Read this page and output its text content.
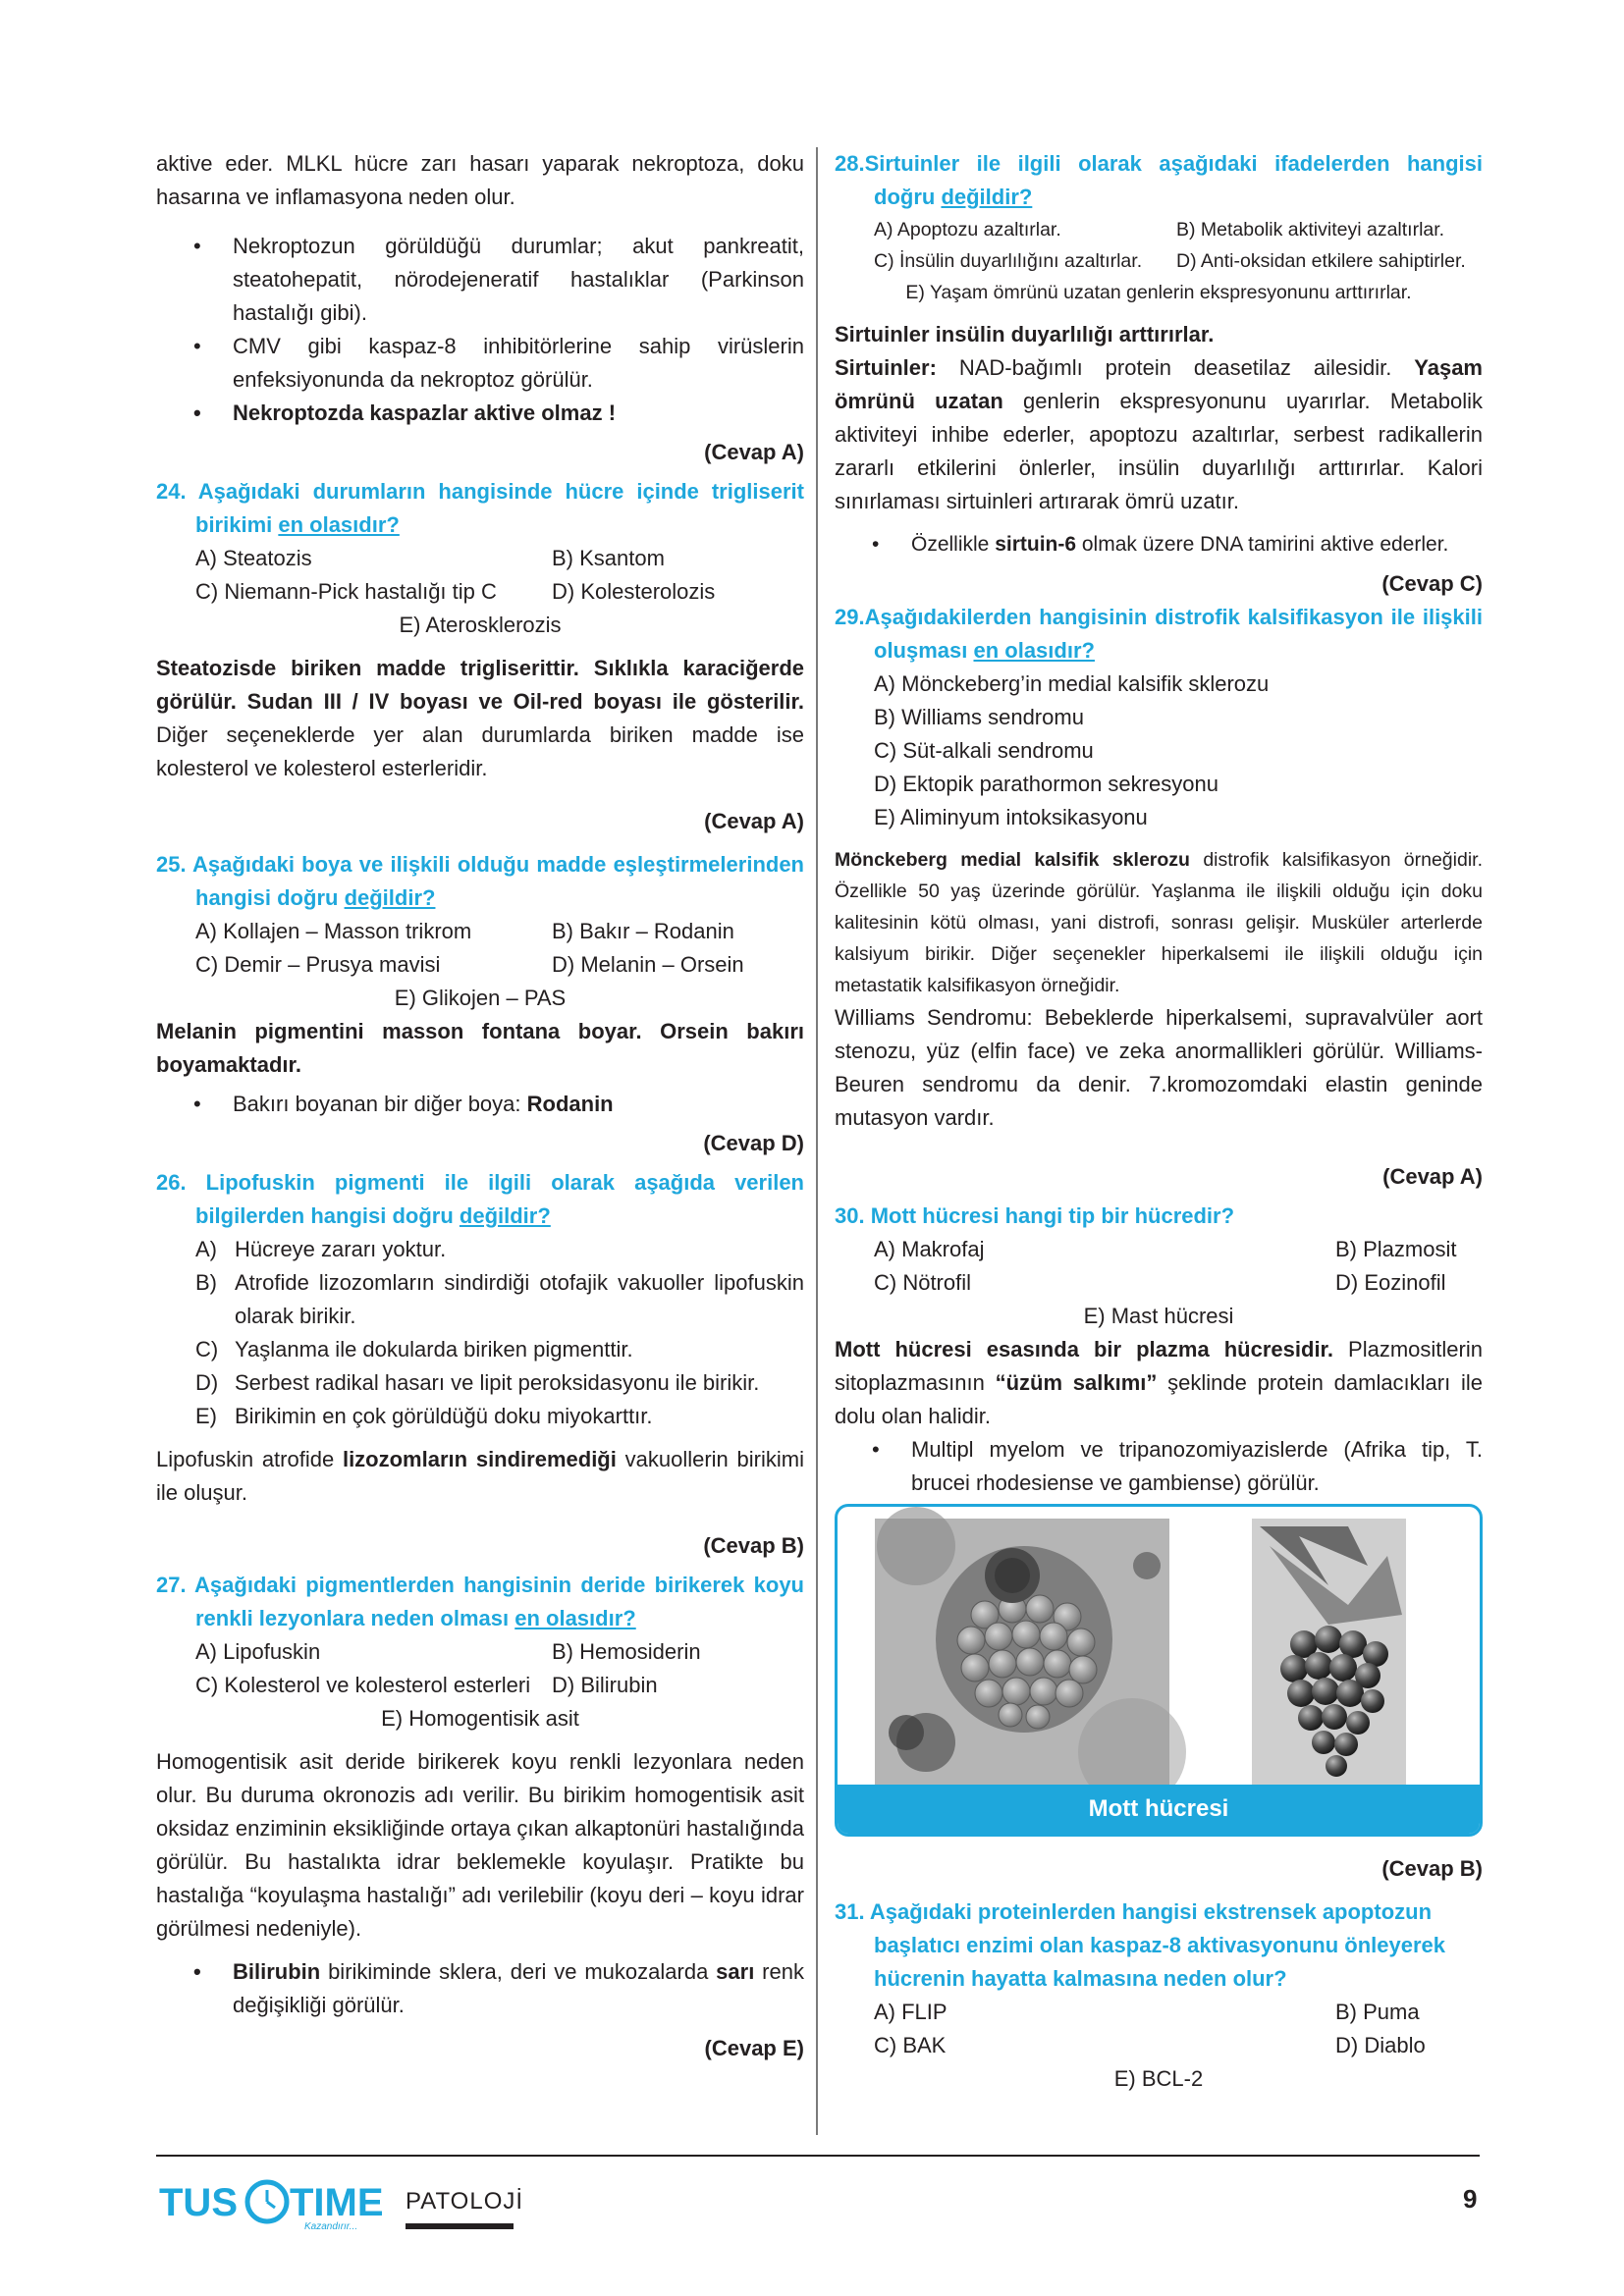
aktive eder. MLKL hücre zarı hasarı yaparak nekroptoza, doku hasarına ve inflamasyona neden olur.

• Nekroptozun görüldüğü durumlar; akut pankreatit, steatohepatit, nörodejeneratif hastalıklar (Parkinson hastalığı gibi).
• CMV gibi kaspaz-8 inhibitörlerine sahip virüslerin enfeksiyonunda da nekroptoz görülür.
• Nekroptozda kaspazlar aktive olmaz !

(Cevap A)

24. Aşağıdaki durumların hangisinde hücre içinde trigliserit birikimi en olasıdır?

A) Steatozis	B) Ksantom
C) Niemann-Pick hastalığı tip C	D) Kolesterolozis

E) Aterosklerozis

Steatozisde biriken madde trigliserittir. Sıklıkla karaciğerde görülür. Sudan III / IV boyası ve Oil-red boyası ile gösterilir. Diğer seçeneklerde yer alan durumlarda biriken madde ise kolesterol ve kolesterol esterleridir.

(Cevap A)

25. Aşağıdaki boya ve ilişkili olduğu madde eşleştirmelerinden hangisi doğru değildir?

A) Kollajen – Masson trikrom	B) Bakır – Rodanin
C) Demir – Prusya mavisi	D) Melanin – Orsein

E) Glikojen – PAS

Melanin pigmentini masson fontana boyar. Orsein bakırı boyamaktadır.

• Bakırı boyanan bir diğer boya: Rodanin

(Cevap D)

26. Lipofuskin pigmenti ile ilgili olarak aşağıda verilen bilgilerden hangisi doğru değildir?

A) Hücreye zararı yoktur.
B) Atrofide lizozomların sindirdiği otofajik vakuoller lipofuskin olarak birikir.
C) Yaşlanma ile dokularda biriken pigmenttir.
D) Serbest radikal hasarı ve lipit peroksidasyonu ile birikir.
E) Birikimin en çok görüldüğü doku miyokarttır.

Lipofuskin atrofide lizozomların sindiremediği vakuollerin birikimi ile oluşur.

(Cevap B)

27. Aşağıdaki pigmentlerden hangisinin deride birikerek koyu renkli lezyonlara neden olması en olasıdır?

A) Lipofuskin	B) Hemosiderin
C) Kolesterol ve kolesterol esterleri D) Bilirubin

E) Homogentisik asit

Homogentisik asit deride birikerek koyu renkli lezyonlara neden olur. Bu duruma okronozis adı verilir. Bu birikim homogentisik asit oksidaz enziminin eksikliğinde ortaya çıkan alkaptonüri hastalığında görülür. Bu hastalıkta idrar beklemekle koyulaşır. Pratikte bu hastalığa “koyulaşma hastalığı” adı verilebilir (koyu deri – koyu idrar görülmesi nedeniyle).

• Bilirubin birikiminde sklera, deri ve mukozalarda sarı renk değişikliği görülür.

(Cevap E)

28.Sirtuinler ile ilgili olarak aşağıdaki ifadelerden hangisi doğru değildir?

A) Apoptozu azaltırlar.	B) Metabolik aktiviteyi azaltırlar.
C) İnsülin duyarlılığını azaltırlar.	D) Anti-oksidan etkilere sahiptirler.

E) Yaşam ömrünü uzatan genlerin ekspresyonunu arttırırlar.

Sirtuinler insülin duyarlılığı arttırırlar.

Sirtuinler: NAD-bağımlı protein deasetilaz ailesidir. Yaşam ömrünü uzatan genlerin ekspresyonunu uyarırlar. Metabolik aktiviteyi inhibe ederler, apoptozu azaltırlar, serbest radikallerin zararlı etkilerini önlerler, insülin duyarlılığı arttırırlar. Kalori sınırlaması sirtuinleri artırarak ömrü uzatır.

• Özellikle sirtuin-6 olmak üzere DNA tamirini aktive ederler.

(Cevap C)

29.Aşağıdakilerden hangisinin distrofik kalsifikasyon ile ilişkili oluşması en olasıdır?

A) Mönckeberg’in medial kalsifik sklerozu
B) Williams sendromu
C) Süt-alkali sendromu
D) Ektopik parathormon sekresyonu
E) Aliminyum intoksikasyonu

Mönckeberg medial kalsifik sklerozu distrofik kalsifikasyon örneğidir. Özellikle 50 yaş üzerinde görülür. Yaşlanma ile ilişkili olduğu için doku kalitesinin kötü olması, yani distrofi, sonrası gelişir. Musküler arterlerde kalsiyum birikir. Diğer seçenekler hiperkalsemi ile ilişkili olduğu için metastatik kalsifikasyon örneğidir.

Williams Sendromu: Bebeklerde hiperkalsemi, supravalvüler aort stenozu, yüz (elfin face) ve zeka anormallikleri görülür. Williams-Beuren sendromu da denir. 7.kromozomdaki elastin geninde mutasyon vardır.

(Cevap A)

30. Mott hücresi hangi tip bir hücredir?

A) Makrofaj	B) Plazmosit
C) Nötrofil	D) Eozinofil

E) Mast hücresi

Mott hücresi esasında bir plazma hücresidir. Plazmositlerin sitoplazmasının “üzüm salkımı” şeklinde protein damlacıkları ile dolu olan halidir.

• Multipl myelom ve tripanozomiyazislerde (Afrika tip, T. brucei rhodesiense ve gambiense) görülür.
Mott hücresi

(Cevap B)

31. Aşağıdaki proteinlerden hangisi ekstrensek apoptozun başlatıcı enzimi olan kaspaz-8 aktivasyonunu önleyerek hücrenin hayatta kalmasına neden olur?

A) FLIP	B) Puma
C) BAK	D) Diablo

E) BCL-2

TUS TIME
Kazandırır...
PATOLOJİ	9
